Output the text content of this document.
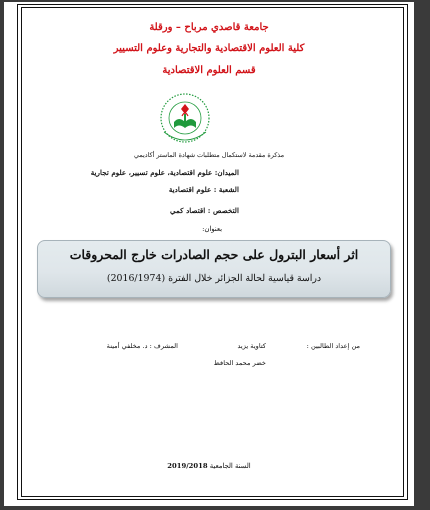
جامعة قاصدي مرباح – ورقلة
كلية العلوم الاقتصادية والتجارية وعلوم التسيير
قسم العلوم الاقتصادية
مذكرة مقدمة لاستكمال متطلبات شهادة الماستر أكاديمي
الميدان: علوم اقتصادية، علوم تسيير، علوم تجارية
الشعبة : علوم اقتصادية
التخصص : اقتصاد كمي
بعنوان:
اثر أسعار البترول على حجم الصادرات خارج المحروقات
دراسة قياسية لحالة الجزائر خلال الفترة (2016/1974)
من إعداد الطالبين :
كتاوية يزيد
خضر محمد الحافظ
المشرف : د. مخلفي أمينة
السنة الجامعية 2019/2018
